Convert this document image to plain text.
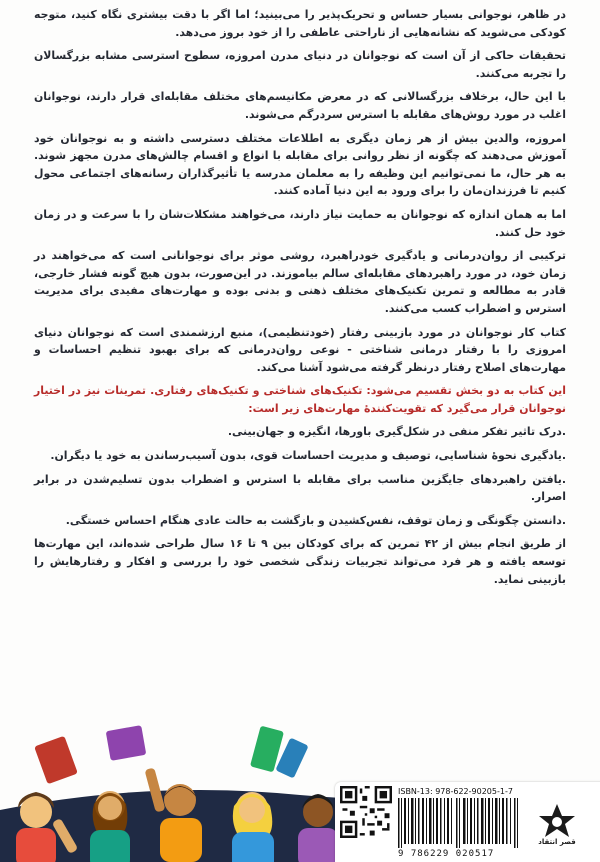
در ظاهر، نوجوانی بسیار حساس و تحریک‌پذیر را می‌بینید؛ اما اگر با دقت بیشتری نگاه کنید، متوجه کودکی می‌شوید که نشانه‌هایی از ناراحتی عاطفی را از خود بروز می‌دهد.

تحقیقات حاکی از آن است که نوجوانان در دنیای مدرن امروزه، سطوح استرسی مشابه بزرگسالان را تجربه می‌کنند.

با این حال، برخلاف بزرگسالانی که در معرض مکانیسم‌های مختلف مقابله‌ای قرار دارند، نوجوانان اغلب در مورد روش‌های مقابله با استرس سردرگم می‌شوند.

امروزه، والدین بیش از هر زمان دیگری به اطلاعات مختلف دسترسی داشته و به نوجوانان خود آموزش می‌دهند که چگونه از نظر روانی برای مقابله با انواع و اقسام چالش‌های مدرن مجهز شوند. به هر حال، ما نمی‌توانیم این وظیفه را به معلمان مدرسه یا تأثیرگذاران رسانه‌های اجتماعی محول کنیم تا فرزندان‌مان را برای ورود به این دنیا آماده کنند.

اما به همان اندازه که نوجوانان به حمایت نیاز دارند، می‌خواهند مشکلات‌شان را با سرعت و در زمان خود حل کنند.

ترکیبی از روان‌درمانی و یادگیری خودراهبرد، روشی موثر برای نوجوانانی است که می‌خواهند در زمان خود، در مورد راهبردهای مقابله‌ای سالم بیاموزند. در این‌صورت، بدون هیچ گونه فشار خارجی، قادر به مطالعه و تمرین تکنیک‌های مختلف ذهنی و بدنی بوده و مهارت‌های مفیدی برای مدیریت استرس و اضطراب کسب می‌کنند.

کتاب کار نوجوانان در مورد بازبینی رفتار (خودتنظیمی)، منبع ارزشمندی است که نوجوانان دنیای امروزی را با رفتار درمانی شناختی - نوعی روان‌درمانی که برای بهبود تنظیم احساسات و مهارت‌های اصلاح رفتار درنظر گرفته می‌شود آشنا می‌کند.

این کتاب به دو بخش تقسیم می‌شود: تکنیک‌های شناختی و تکنیک‌های رفتاری. تمرینات نیز در اختیار نوجوانان قرار می‌گیرد که تقویت‌کنندهٔ مهارت‌های زیر است:

.درک تاثیر تفکر منفی در شکل‌گیری باورها، انگیزه و جهان‌بینی.

.یادگیری نحوهٔ شناسایی، توصیف و مدیریت احساسات قوی، بدون آسیب‌رساندن به خود یا دیگران.

.یافتن راهبردهای جایگزین مناسب برای مقابله با استرس و اضطراب بدون تسلیم‌شدن در برابر اصرار.

.دانستن چگونگی و زمان توقف، نفس‌کشیدن و بازگشت به حالت عادی هنگام احساس خستگی.

از طریق انجام بیش از ۴۲ تمرین که برای کودکان بین ۹ تا ۱۶ سال طراحی شده‌اند، این مهارت‌ها توسعه یافته و هر فرد می‌تواند تجربیات زندگی شخصی خود را بررسی و افکار و رفتارهایش را بازبینی نماید.

ISBN-13: 978-622-90205-1-7
9 786229 020517
قصر انتقاد
